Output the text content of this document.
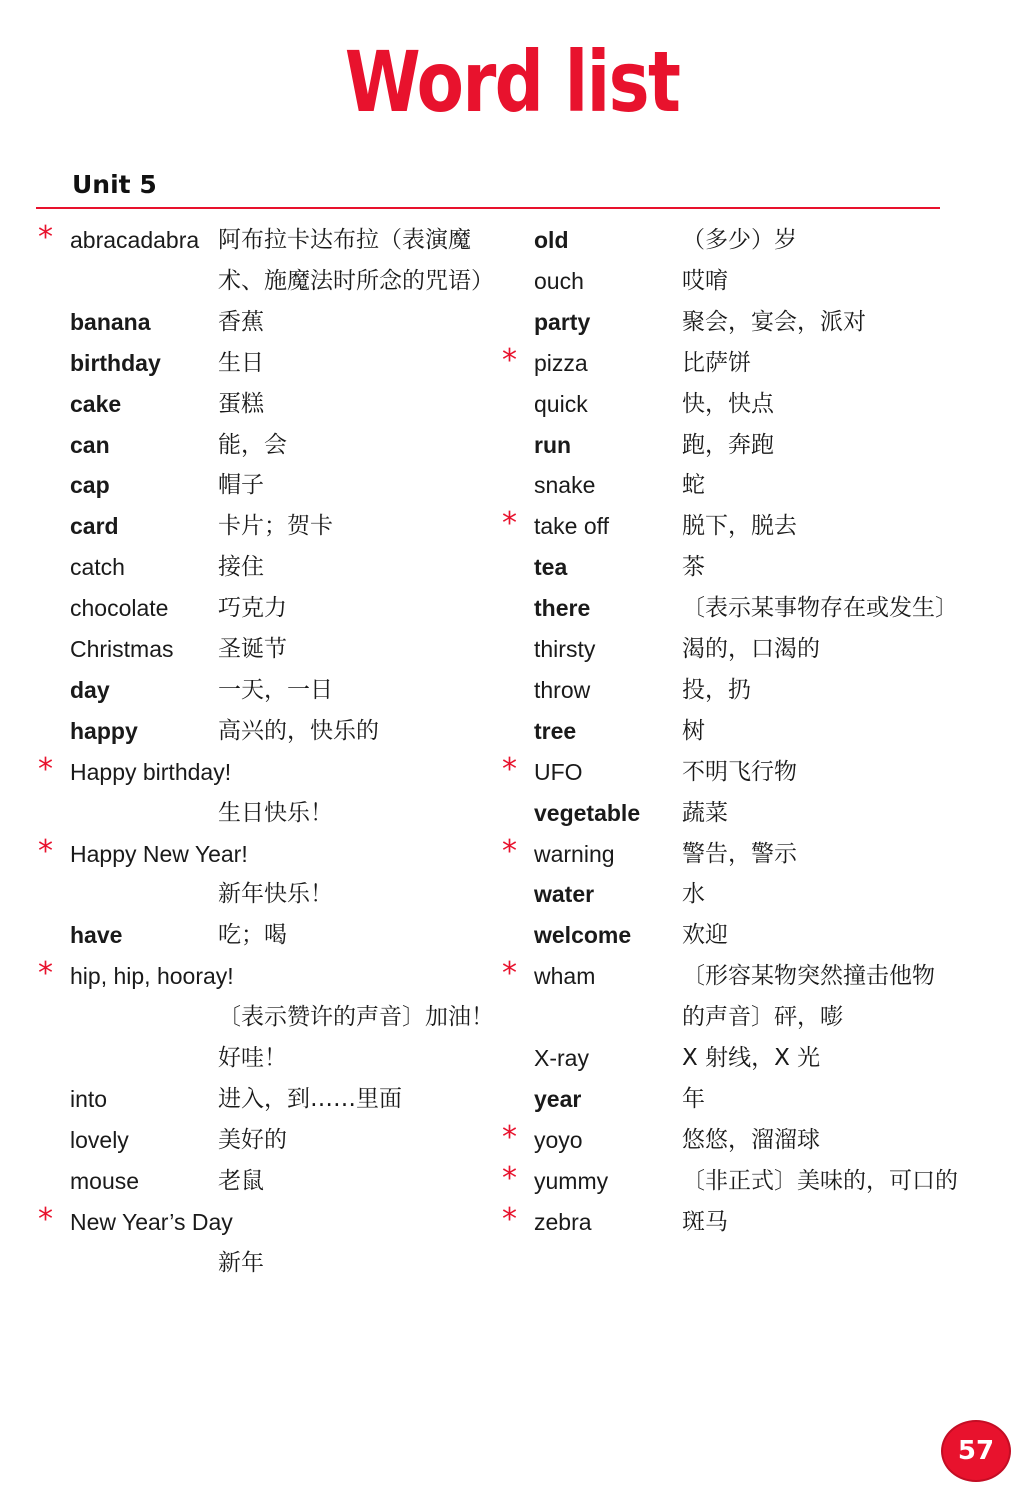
Word list
Unit 5
* abracadabra 阿布拉卡达布拉（表演魔
术、施魔法时所念的咒语）
banana	香蕉
birthday 生日
cake	蛋糕
can	能，会
cap	帽子
card	卡片；贺卡
catch	接住
chocolate 巧克力
Christmas 圣诞节
day	一天，一日
happy	高兴的，快乐的
* Happy birthday!
生日快乐！
* Happy New Year!
新年快乐！
have	吃；喝
* hip, hip, hooray!
〔表示赞许的声音〕加油！
好哇！
into	进入，到……里面
lovely	美好的
mouse	老鼠
* New Year’s Day
新年
old	（多少）岁
ouch	哎唷
party	聚会，宴会，派对
* pizza	比萨饼
quick	快，快点
run	跑，奔跑
snake	蛇
* take off	脱下，脱去
tea	茶
there	〔表示某事物存在或发生〕
thirsty	渴的，口渴的
throw	投，扔
tree	树
* UFO	不明飞行物
vegetable 蔬菜
* warning	警告，警示
water	水
welcome 欢迎
* wham	〔形容某物突然撞击他物
的声音〕砰，嘭
X-ray	X 射线，X 光
year	年
* yoyo	悠悠，溜溜球
* yummy	〔非正式〕美味的，可口的
* zebra	斑马
57
